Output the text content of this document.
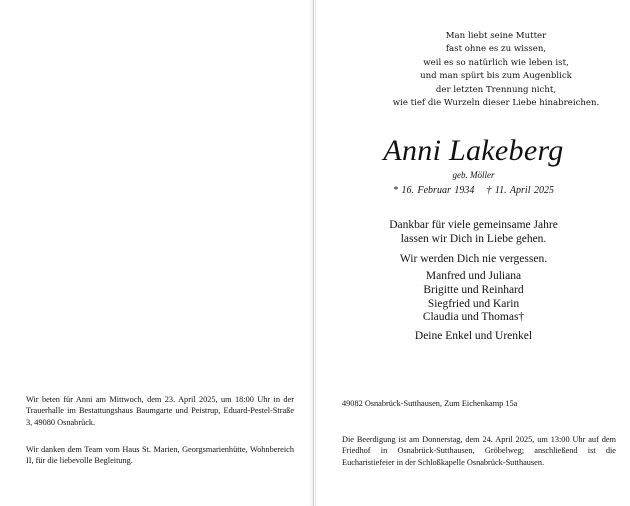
Wir beten für Anni am Mittwoch, dem 23. April 2025, um 18:00 Uhr in der Trauerhalle im Bestattungshaus Baumgarte und Peistrup, Eduard-Pestel-Straße 3, 49080 Osnabrück.
Wir danken dem Team vom Haus St. Marien, Georgsmarienhütte, Wohnbereich II, für die liebevolle Begleitung.
Man liebt seine Mutter
fast ohne es zu wissen,
weil es so natürlich wie leben ist,
und man spürt bis zum Augenblick
der letzten Trennung nicht,
wie tief die Wurzeln dieser Liebe hinabreichen.
Anni Lakeberg
geb. Möller
* 16. Februar 1934 † 11. April 2025
Dankbar für viele gemeinsame Jahre
lassen wir Dich in Liebe gehen.
Wir werden Dich nie vergessen.
Manfred und Juliana
Brigitte und Reinhard
Siegfried und Karin
Claudia und Thomas†
Deine Enkel und Urenkel
49082 Osnabrück-Sutthausen, Zum Eichenkamp 15a
Die Beerdigung ist am Donnerstag, dem 24. April 2025, um 13:00 Uhr auf dem Friedhof in Osnabrück-Sutthausen, Gröbelweg; anschließend ist die Eucharistiefeier in der Schloßkapelle Osnabrück-Sutthausen.
